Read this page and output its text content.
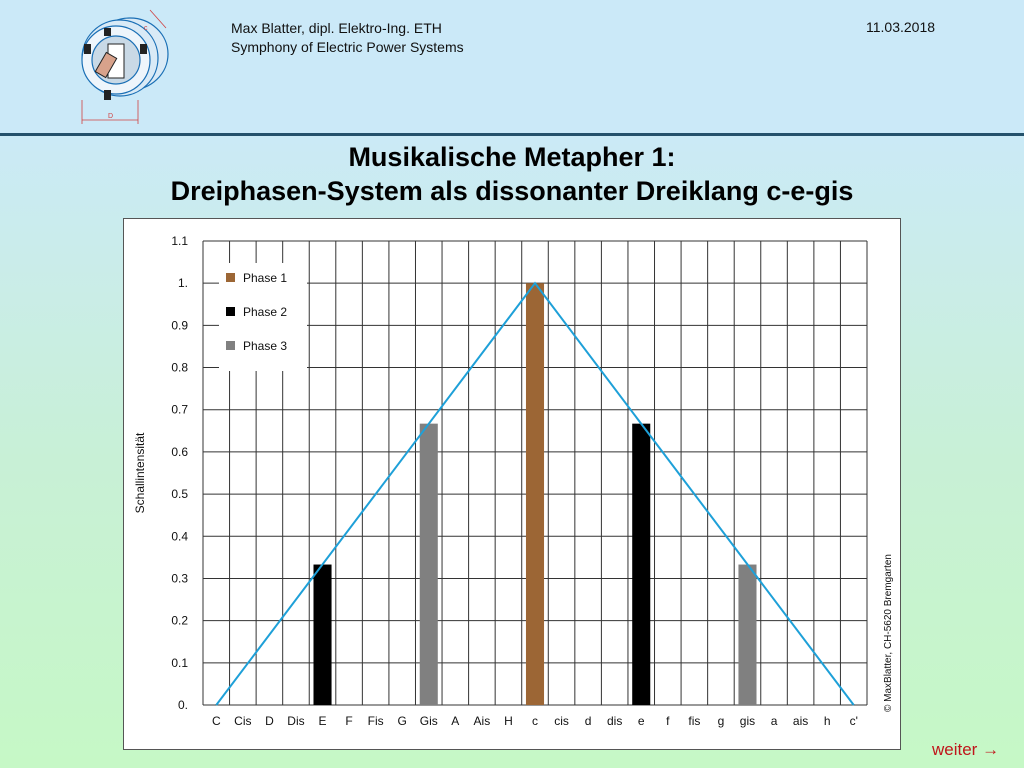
D
c	Max Blatter, dipl. Elektro-Ing. ETH
Symphony of Electric Power Systems
11.03.2018
Musikalische Metapher 1:
Dreiphasen-System als dissonanter Dreiklang c-e-gis
0.
0.1
0.2
0.3
0.4
0.5
0.6
0.7
0.8
0.9
1.
1.1
C Cis D Dis E F Fis G Gis A Ais H c cis d dis e f fis g gis a ais h c'
Schallintensität
Phase 1
Phase 2
Phase 3
© MaxBlatter, CH-5620 Bremgarten
weiter →
